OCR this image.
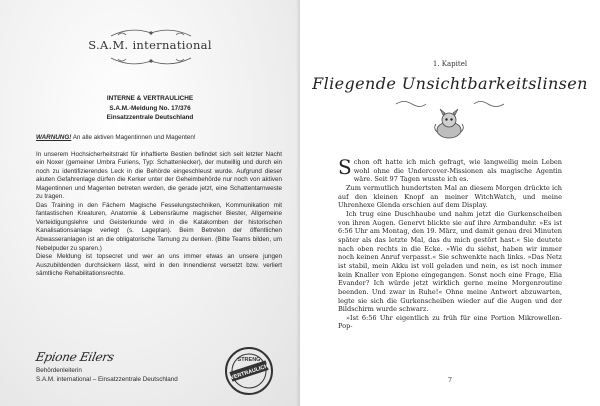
S.A.M. international
INTERNE & VERTRAULICHE
S.A.M.-Meldung No. 17/376
Einsatzzentrale Deutschland

WARNUNG! An alle aktiven Magentinnen und Magenten!

In unserem Hochsicherheitstrakt für inhaftierte Bestien befindet sich seit letzter Nacht ein Noxer (gemeiner Umbra Furiens, Typ: Schattenlecker), der mutwillig und durch ein noch zu identifizierendes Leck in die Behörde eingeschleust wurde. Aufgrund dieser akuten Gefahrenlage dürfen die Kerker unter der Geheimbehörde nur noch von aktiven Magentinnen und Magenten betreten werden, die gerade jetzt, eine Schattentarnweste zu tragen.

Das Training in den Fächern Magische Fesselungstechniken, Kommunikation mit fantastischen Kreaturen, Anatomie & Lebensräume magischer Biester, Allgemeine Verteidigungslehre und Geisterkunde wird in die Katakomben der historischen Kanalisationsanlage verlegt (s. Lageplan). Beim Betreten der öffentlichen Abwasseranlagen ist an die obligatorische Tarnung zu denken. (Bitte Teams bilden, um Nebelpuder zu sparen.)

Diese Meldung ist topsecret und wer an uns immer etwas an unsere jungen Auszubildenden durchsickern lässt, wird in den Innendienst versetzt bzw. verliert sämtliche Rehabilitationsrechte.

Epione Eilers
Behördenleiterin
S.A.M. international – Einsatzzentrale Deutschland
STRENG
VERTRAULICH
1. Kapitel
Fliegende Unsichtbarkeitslinsen

Schon oft hatte ich mich gefragt, wie langweilig mein Leben wohl ohne die Undercover-Missionen als magische Agentin wäre. Seit 97 Tagen wusste ich es.

Zum vermutlich hundertsten Mal an diesem Morgen drückte ich auf den kleinen Knopf an meiner WitchWatch, und meine Uhrenhexe Glenda erschien auf dem Display.

Ich trug eine Duschhaube und nahm jetzt die Gurkenscheiben von ihren Augen. Genervt blickte sie auf ihre Armbanduhr. »Es ist 6:56 Uhr am Montag, den 19. März, und damit genau drei Minuten später als das letzte Mal, das du mich gestört hast.« Sie deutete nach oben rechts in die Ecke. »Wie du siehst, haben wir immer noch keinen Anruf verpasst.« Sie schwenkte nach links. »Das Netz ist stabil, mein Akku ist voll geladen und nein, es ist noch immer kein Knaller von Epione eingegangen. Sonst noch eine Frage, Elia Evander? Ich würde jetzt wirklich gerne meine Morgenroutine beenden. Und zwar in Ruhe!« Ohne meine Antwort abzuwarten, legte sie sich die Gurkenscheiben wieder auf die Augen und der Bildschirm wurde schwarz.

»Ist 6:56 Uhr eigentlich zu früh für eine Portion Mikrowellen-Pop-

7
